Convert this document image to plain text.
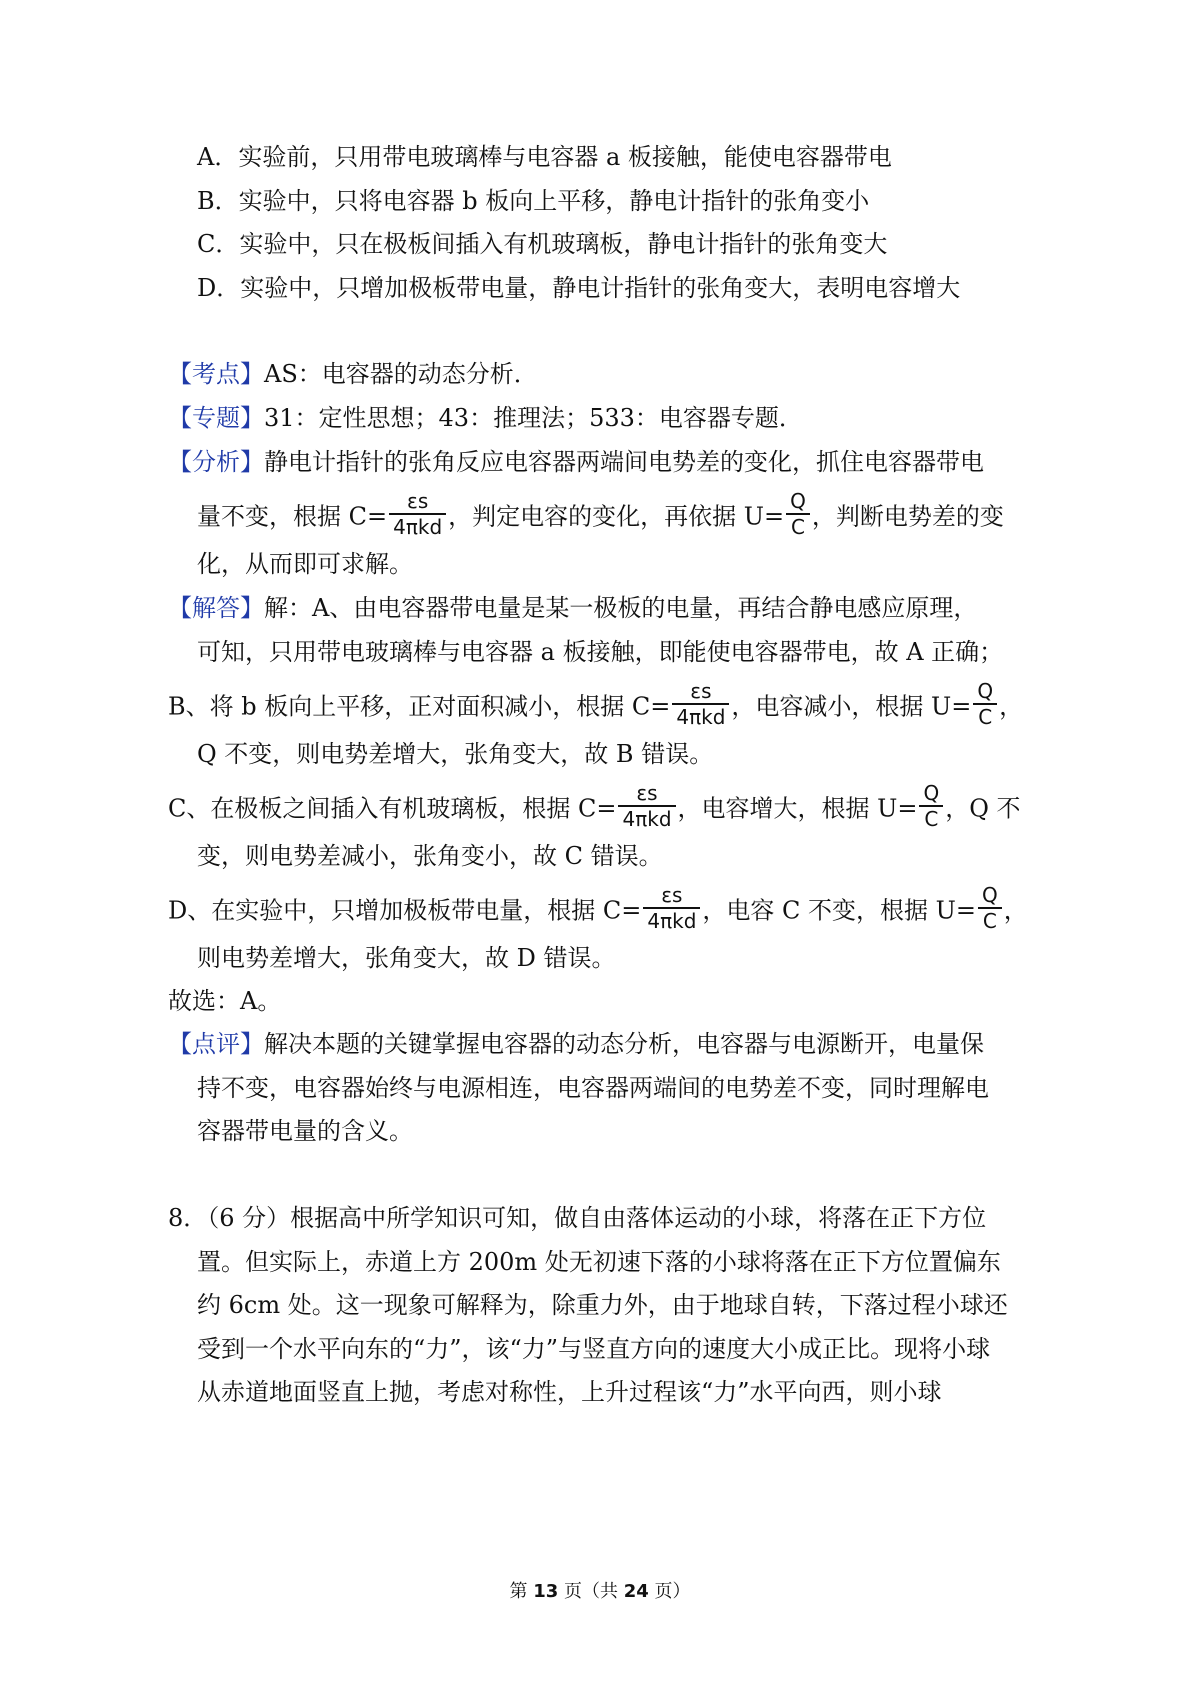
A．实验前，只用带电玻璃棒与电容器 a 板接触，能使电容器带电
B．实验中，只将电容器 b 板向上平移，静电计指针的张角变小
C．实验中，只在极板间插入有机玻璃板，静电计指针的张角变大
D．实验中，只增加极板带电量，静电计指针的张角变大，表明电容增大
【考点】AS：电容器的动态分析．
【专题】31：定性思想；43：推理法；533：电容器专题．
【分析】静电计指针的张角反应电容器两端间电势差的变化，抓住电容器带电
量不变，根据 $C= \frac{\varepsilon s}{\text{4πkd}}$ ，判定电容的变化，再依据 $U= \frac{Q}{C}$ ，判断电势差的变
化，从而即可求解。
【解答】解：A、由电容器带电量是某一极板的电量，再结合静电感应原理，
可知，只用带电玻璃棒与电容器 a 板接触，即能使电容器带电，故 A 正确；
B、将 b 板向上平移，正对面积减小，根据 $C= \frac{\varepsilon s}{\text{4πkd}}$ ，电容减小，根据 $U= \frac{Q}{C}$ ，
Q 不变，则电势差增大，张角变大，故 B 错误。
C、在极板之间插入有机玻璃板，根据 $C= \frac{\varepsilon s}{\text{4πkd}}$ ，电容增大，根据 $U= \frac{Q}{C}$ ，Q 不
变，则电势差减小，张角变小，故 C 错误。
D、在实验中，只增加极板带电量，根据 $C= \frac{\varepsilon s}{\text{4πkd}}$ ，电容 C 不变，根据 $U= \frac{Q}{C}$ ，
则电势差增大，张角变大，故 D 错误。
故选：A。
【点评】解决本题的关键掌握电容器的动态分析，电容器与电源断开，电量保
持不变，电容器始终与电源相连，电容器两端间的电势差不变，同时理解电
容器带电量的含义。
8．（6 分）根据高中所学知识可知，做自由落体运动的小球，将落在正下方位
置。但实际上，赤道上方 200m 处无初速下落的小球将落在正下方位置偏东
约 6cm 处。这一现象可解释为，除重力外，由于地球自转，下落过程小球还
受到一个水平向东的“力”，该“力”与竖直方向的速度大小成正比。现将小球
从赤道地面竖直上抛，考虑对称性，上升过程该“力”水平向西，则小球
第 13 页（共 24 页）
